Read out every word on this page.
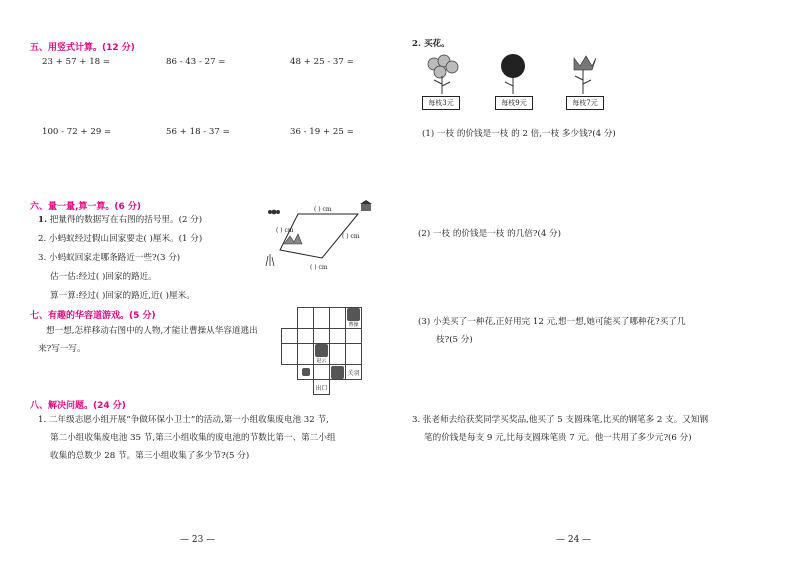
五、用竖式计算。(12 分)
23 + 57 + 18 =	86 - 43 - 27 =	48 + 25 - 37 =
100 - 72 + 29 =	56 + 18 - 37 =	36 - 19 + 25 =
六、量一量,算一算。(6 分)
1. 把量得的数据写在右图的括号里。(2 分)
2. 小蚂蚁经过假山回家要走( )厘米。(1 分)
3. 小蚂蚁回家走哪条路近一些?(3 分)
估一估:经过( )回家的路近。
算一算:经过( )回家的路近,近( )厘米。
( ) cm
( ) cm
( ) cm
( ) cm
七、有趣的华容道游戏。(5 分)
想一想,怎样移动右图中的人物,才能让曹操从华容道逃出
来?写一写。

曹操

赵云		

	关羽
		出口		
八、解决问题。(24 分)
1. 二年级志愿小组开展“争做环保小卫士”的活动,第一小组收集废电池 32 节,
第二小组收集废电池 35 节,第三小组收集的废电池的节数比第一、第二小组
收集的总数少 28 节。第三小组收集了多少节?(5 分)
— 23 —
2. 买花。
每枝3元	每枝9元	每枝7元
(1) 一枝 的价钱是一枝 的 2 倍,一枝 多少钱?(4 分)
(2) 一枝 的价钱是一枝 的几倍?(4 分)
(3) 小美买了一种花,正好用完 12 元,想一想,她可能买了哪种花?买了几
枝?(5 分)
3. 张老师去给获奖同学买奖品,他买了 5 支圆珠笔,比买的钢笔多 2 支。又知钢
笔的价钱是每支 9 元,比每支圆珠笔贵 7 元。他一共用了多少元?(6 分)
— 24 —
